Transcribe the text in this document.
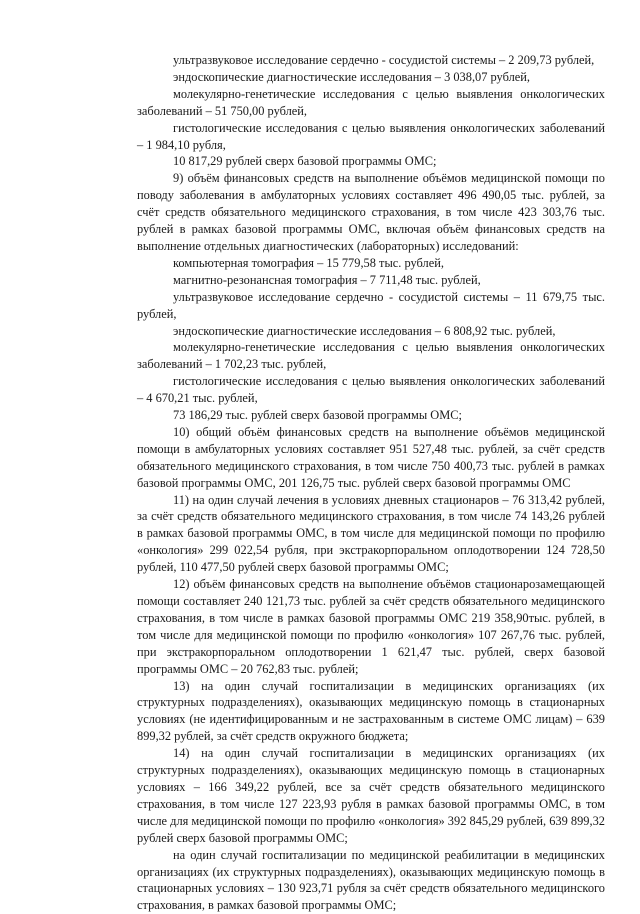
ультразвуковое исследование сердечно - сосудистой системы – 2 209,73 рублей,

эндоскопические диагностические исследования – 3 038,07 рублей,

молекулярно-генетические исследования с целью выявления онкологических заболеваний – 51 750,00 рублей,

гистологические исследования с целью выявления онкологических заболеваний – 1 984,10 рубля,

10 817,29 рублей сверх базовой программы ОМС;

9) объём финансовых средств на выполнение объёмов медицинской помощи по поводу заболевания в амбулаторных условиях составляет 496 490,05 тыс. рублей, за счёт средств обязательного медицинского страхования, в том числе 423 303,76 тыс. рублей в рамках базовой программы ОМС, включая объём финансовых средств на выполнение отдельных диагностических (лабораторных) исследований:

компьютерная томография – 15 779,58 тыс. рублей,

магнитно-резонансная томография – 7 711,48 тыс. рублей,

ультразвуковое исследование сердечно - сосудистой системы – 11 679,75 тыс. рублей,

эндоскопические диагностические исследования – 6 808,92 тыс. рублей,

молекулярно-генетические исследования с целью выявления онкологических заболеваний – 1 702,23 тыс. рублей,

гистологические исследования с целью выявления онкологических заболеваний – 4 670,21 тыс. рублей,

73 186,29 тыс. рублей сверх базовой программы ОМС;

10) общий объём финансовых средств на выполнение объёмов медицинской помощи в амбулаторных условиях составляет 951 527,48 тыс. рублей, за счёт средств обязательного медицинского страхования, в том числе 750 400,73 тыс. рублей в рамках базовой программы ОМС, 201 126,75 тыс. рублей сверх базовой программы ОМС

11) на один случай лечения в условиях дневных стационаров – 76 313,42 рублей, за счёт средств обязательного медицинского страхования, в том числе 74 143,26 рублей в рамках базовой программы ОМС, в том числе для медицинской помощи по профилю «онкология» 299 022,54 рубля, при экстракорпоральном оплодотворении 124 728,50 рублей, 110 477,50 рублей сверх базовой программы ОМС;

12) объём финансовых средств на выполнение объёмов стационарозамещающей помощи составляет 240 121,73 тыс. рублей за счёт средств обязательного медицинского страхования, в том числе в рамках базовой программы ОМС 219 358,90тыс. рублей, в том числе для медицинской помощи по профилю «онкология» 107 267,76 тыс. рублей, при экстракорпоральном оплодотворении 1 621,47 тыс. рублей, сверх базовой программы ОМС – 20 762,83 тыс. рублей;

13) на один случай госпитализации в медицинских организациях (их структурных подразделениях), оказывающих медицинскую помощь в стационарных условиях (не идентифицированным и не застрахованным в системе ОМС лицам) – 639 899,32 рублей, за счёт средств окружного бюджета;

14) на один случай госпитализации в медицинских организациях (их структурных подразделениях), оказывающих медицинскую помощь в стационарных условиях – 166 349,22 рублей, все за счёт средств обязательного медицинского страхования, в том числе 127 223,93 рубля в рамках базовой программы ОМС, в том числе для медицинской помощи по профилю «онкология» 392 845,29 рублей, 639 899,32 рублей сверх базовой программы ОМС;

на один случай госпитализации по медицинской реабилитации в медицинских организациях (их структурных подразделениях), оказывающих медицинскую помощь в стационарных условиях – 130 923,71 рубля за счёт средств обязательного медицинского страхования, в рамках базовой программы ОМС;
